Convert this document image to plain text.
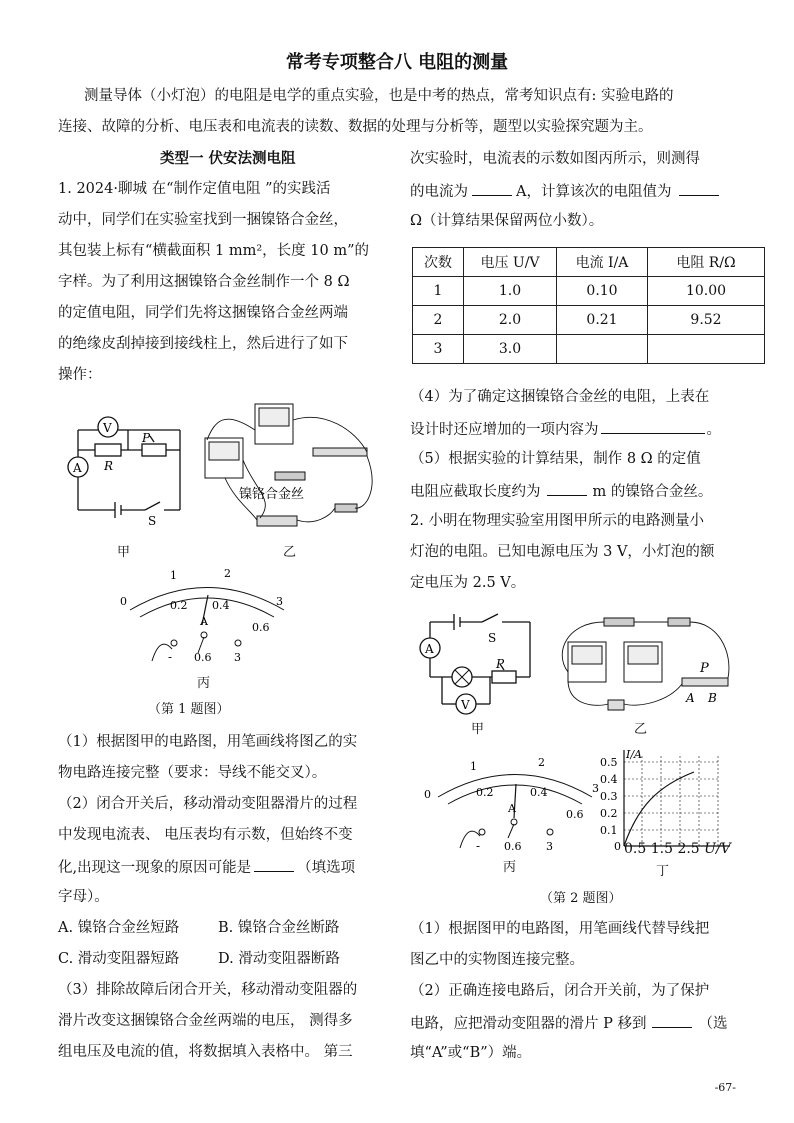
常考专项整合八 电阻的测量
测量导体（小灯泡）的电阻是电学的重点实验，也是中考的热点，常考知识点有: 实验电路的
连接、故障的分析、电压表和电流表的读数、数据的处理与分析等，题型以实验探究题为主。
类型一 伏安法测电阻
1. 2024·聊城 在“制作定值电阻 ”的实践活
动中，同学们在实验室找到一捆镍铬合金丝，
其包装上标有“横截面积 1 mm²，长度 10 m”的
字样。为了利用这捆镍铬合金丝制作一个 8 Ω
的定值电阻，同学们先将这捆镍铬合金丝两端
的绝缘皮刮掉接到接线柱上，然后进行了如下
操作：
V
A
P
R
S
甲
镍铬合金丝
乙
0
1	2
3
0.2 0.4
0.6
A
- 0.6 3
丙
（第 1 题图）
（1）根据图甲的电路图，用笔画线将图乙的实
物电路连接完整（要求：导线不能交叉）。
（2）闭合开关后，移动滑动变阻器滑片的过程
中发现电流表、 电压表均有示数，但始终不变
化,出现这一现象的原因可能是	（填选项
字母）。
A. 镍铬合金丝短路	B. 镍铬合金丝断路
C. 滑动变阻器短路	D. 滑动变阻器断路
（3）排除故障后闭合开关，移动滑动变阻器的
滑片改变这捆镍铬合金丝两端的电压， 测得多
组电压及电流的值，将数据填入表格中。 第三
次实验时，电流表的示数如图丙所示，则测得
的电流为	A，计算该次的电阻值为
Ω（计算结果保留两位小数）。
次数	电压 U/V	电流 I/A	电阻 R/Ω
1	1.0	0.10	10.00
2	2.0	0.21	9.52
3	3.0		
（4）为了确定这捆镍铬合金丝的电阻，上表在
设计时还应增加的一项内容为	。
（5）根据实验的计算结果，制作 8 Ω 的定值
电阻应截取长度约为	m 的镍铬合金丝。
2. 小明在物理实验室用图甲所示的电路测量小
灯泡的电阻。已知电源电压为 3 V，小灯泡的额
定电压为 2.5 V。
A
V
P
S
甲
P
A B
乙
0
1	2
3
0.2	0.4
0.6
A
- 0.6 3
丙
I/A
0.5
0.4
0.3
0.2
0.1
0 0.5 1.5 2.5 U/V
丁
（第 2 题图）
（1）根据图甲的电路图，用笔画线代替导线把
图乙中的实物图连接完整。
（2）正确连接电路后，闭合开关前，为了保护
电路，应把滑动变阻器的滑片 P 移到	（选
填“A”或“B”）端。
-67-
